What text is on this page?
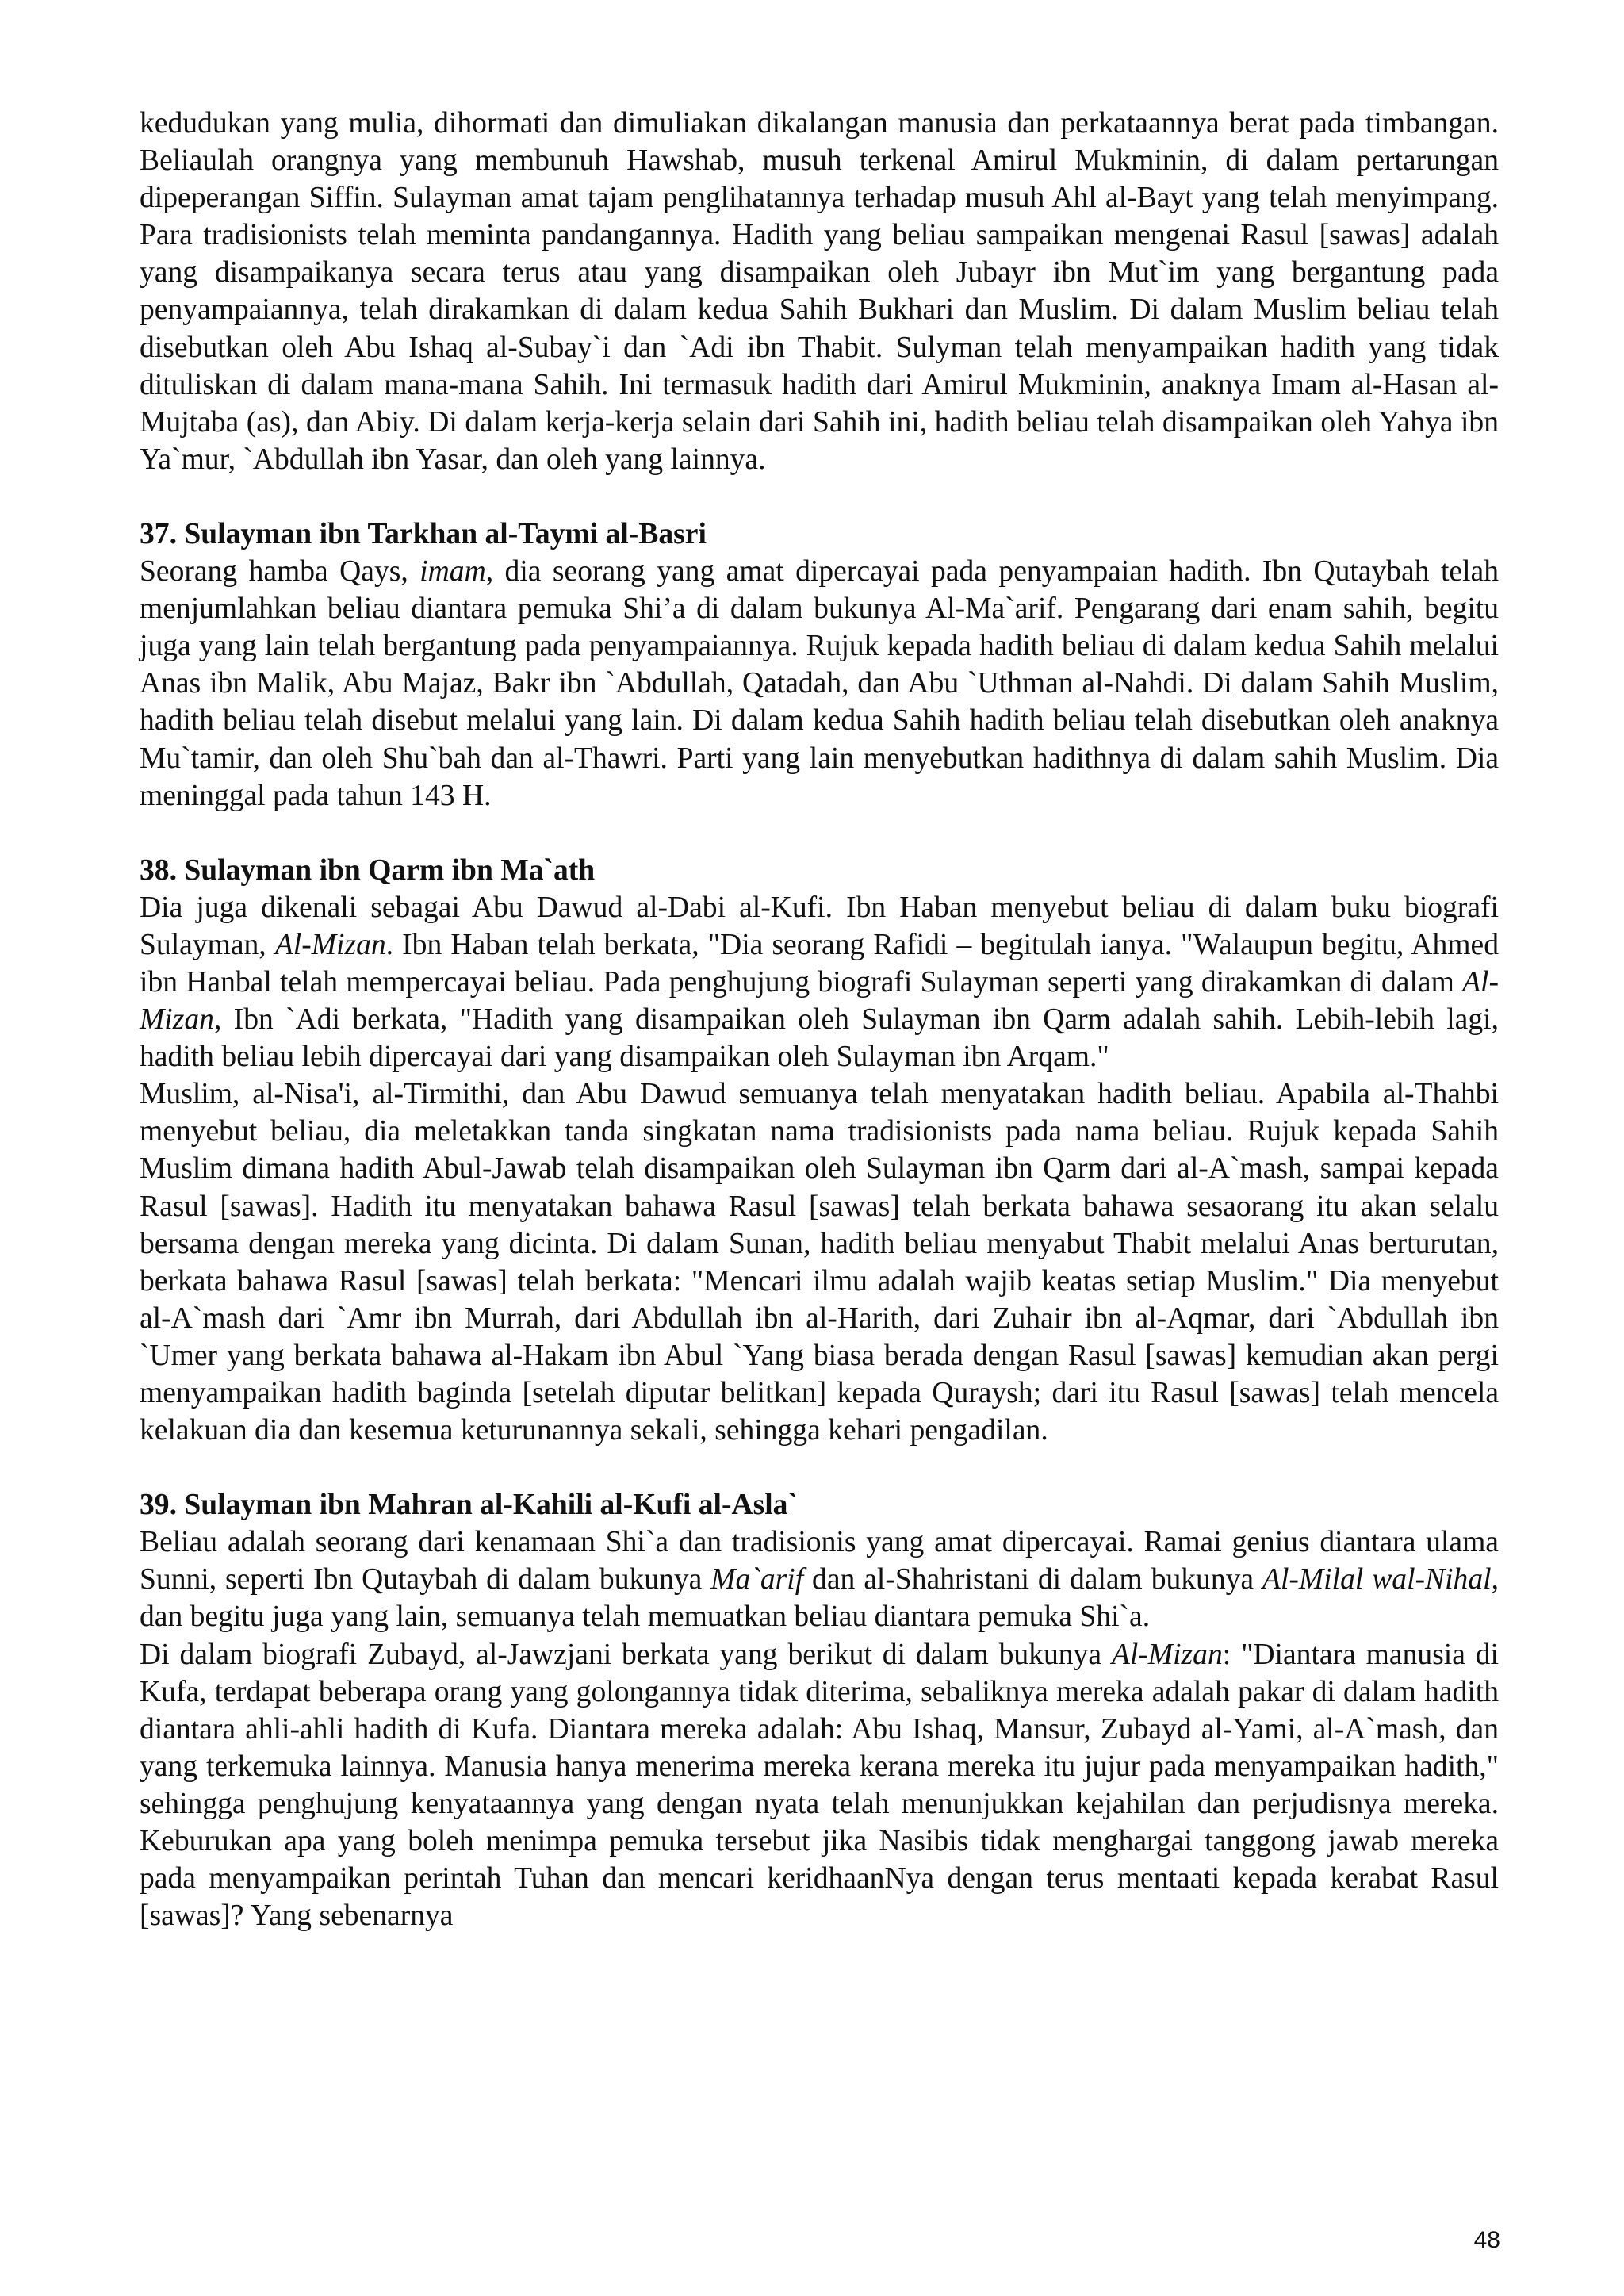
kedudukan yang mulia, dihormati dan dimuliakan dikalangan manusia dan perkataannya berat pada timbangan. Beliaulah orangnya yang membunuh Hawshab, musuh terkenal Amirul Mukminin, di dalam pertarungan dipeperangan Siffin. Sulayman amat tajam penglihatannya terhadap musuh Ahl al-Bayt yang telah menyimpang. Para tradisionists telah meminta pandangannya. Hadith yang beliau sampaikan mengenai Rasul [sawas] adalah yang disampaikanya secara terus atau yang disampaikan oleh Jubayr ibn Mut`im yang bergantung pada penyampaiannya, telah dirakamkan di dalam kedua Sahih Bukhari dan Muslim. Di dalam Muslim beliau telah disebutkan oleh Abu Ishaq al-Subay`i dan `Adi ibn Thabit. Sulyman telah menyampaikan hadith yang tidak dituliskan di dalam mana-mana Sahih. Ini termasuk hadith dari Amirul Mukminin, anaknya Imam al-Hasan al-Mujtaba (as), dan Abiy. Di dalam kerja-kerja selain dari Sahih ini, hadith beliau telah disampaikan oleh Yahya ibn Ya`mur, `Abdullah ibn Yasar, dan oleh yang lainnya.

37. Sulayman ibn Tarkhan al-Taymi al-Basri

Seorang hamba Qays, imam, dia seorang yang amat dipercayai pada penyampaian hadith. Ibn Qutaybah telah menjumlahkan beliau diantara pemuka Shi’a di dalam bukunya Al-Ma`arif. Pengarang dari enam sahih, begitu juga yang lain telah bergantung pada penyampaiannya. Rujuk kepada hadith beliau di dalam kedua Sahih melalui Anas ibn Malik, Abu Majaz, Bakr ibn `Abdullah, Qatadah, dan Abu `Uthman al-Nahdi. Di dalam Sahih Muslim, hadith beliau telah disebut melalui yang lain. Di dalam kedua Sahih hadith beliau telah disebutkan oleh anaknya Mu`tamir, dan oleh Shu`bah dan al-Thawri. Parti yang lain menyebutkan hadithnya di dalam sahih Muslim. Dia meninggal pada tahun 143 H.

38. Sulayman ibn Qarm ibn Ma`ath

Dia juga dikenali sebagai Abu Dawud al-Dabi al-Kufi. Ibn Haban menyebut beliau di dalam buku biografi Sulayman, Al-Mizan. Ibn Haban telah berkata, "Dia seorang Rafidi – begitulah ianya. "Walaupun begitu, Ahmed ibn Hanbal telah mempercayai beliau. Pada penghujung biografi Sulayman seperti yang dirakamkan di dalam Al-Mizan, Ibn `Adi berkata, "Hadith yang disampaikan oleh Sulayman ibn Qarm adalah sahih. Lebih-lebih lagi, hadith beliau lebih dipercayai dari yang disampaikan oleh Sulayman ibn Arqam."

Muslim, al-Nisa'i, al-Tirmithi, dan Abu Dawud semuanya telah menyatakan hadith beliau. Apabila al-Thahbi menyebut beliau, dia meletakkan tanda singkatan nama tradisionists pada nama beliau. Rujuk kepada Sahih Muslim dimana hadith Abul-Jawab telah disampaikan oleh Sulayman ibn Qarm dari al-A`mash, sampai kepada Rasul [sawas]. Hadith itu menyatakan bahawa Rasul [sawas] telah berkata bahawa sesaorang itu akan selalu bersama dengan mereka yang dicinta. Di dalam Sunan, hadith beliau menyabut Thabit melalui Anas berturutan, berkata bahawa Rasul [sawas] telah berkata: "Mencari ilmu adalah wajib keatas setiap Muslim." Dia menyebut al-A`mash dari `Amr ibn Murrah, dari Abdullah ibn al-Harith, dari Zuhair ibn al-Aqmar, dari `Abdullah ibn `Umer yang berkata bahawa al-Hakam ibn Abul `Yang biasa berada dengan Rasul [sawas] kemudian akan pergi menyampaikan hadith baginda [setelah diputar belitkan] kepada Quraysh; dari itu Rasul [sawas] telah mencela kelakuan dia dan kesemua keturunannya sekali, sehingga kehari pengadilan.

39. Sulayman ibn Mahran al-Kahili al-Kufi al-Asla`

Beliau adalah seorang dari kenamaan Shi`a dan tradisionis yang amat dipercayai. Ramai genius diantara ulama Sunni, seperti Ibn Qutaybah di dalam bukunya Ma`arif dan al-Shahristani di dalam bukunya Al-Milal wal-Nihal, dan begitu juga yang lain, semuanya telah memuatkan beliau diantara pemuka Shi`a.

Di dalam biografi Zubayd, al-Jawzjani berkata yang berikut di dalam bukunya Al-Mizan: "Diantara manusia di Kufa, terdapat beberapa orang yang golongannya tidak diterima, sebaliknya mereka adalah pakar di dalam hadith diantara ahli-ahli hadith di Kufa. Diantara mereka adalah: Abu Ishaq, Mansur, Zubayd al-Yami, al-A`mash, dan yang terkemuka lainnya. Manusia hanya menerima mereka kerana mereka itu jujur pada menyampaikan hadith," sehingga penghujung kenyataannya yang dengan nyata telah menunjukkan kejahilan dan perjudisnya mereka. Keburukan apa yang boleh menimpa pemuka tersebut jika Nasibis tidak menghargai tanggong jawab mereka pada menyampaikan perintah Tuhan dan mencari keridhaanNya dengan terus mentaati kepada kerabat Rasul [sawas]? Yang sebenarnya

48
